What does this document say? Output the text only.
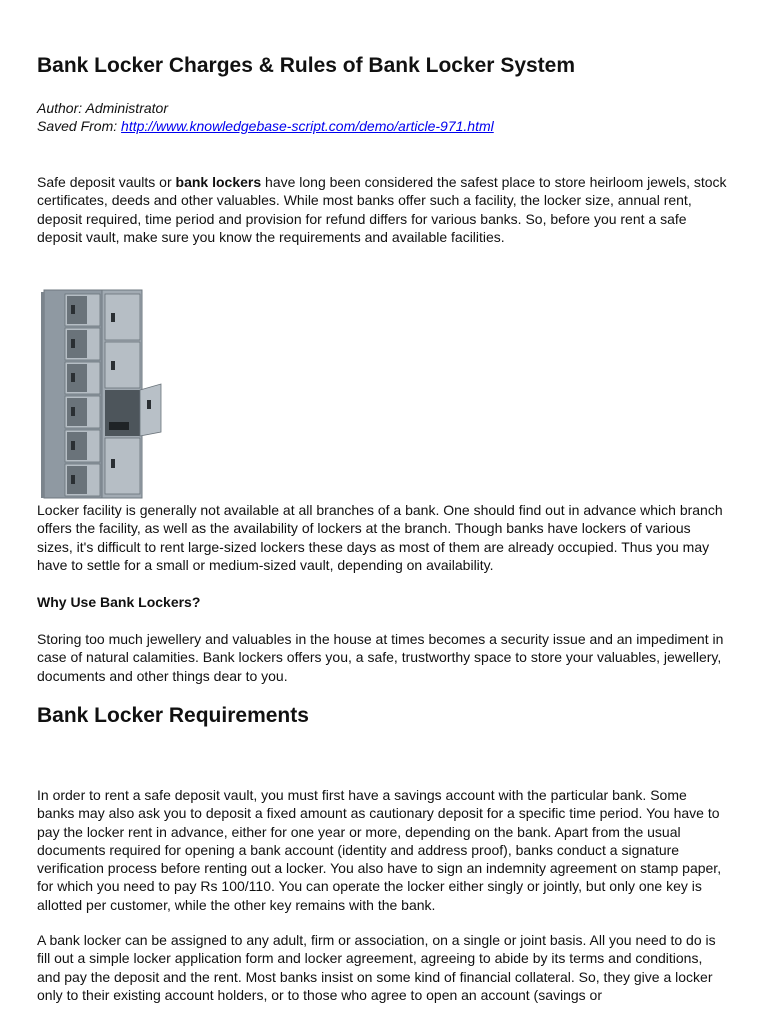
Bank Locker Charges & Rules of Bank Locker System
Author: Administrator
Saved From: http://www.knowledgebase-script.com/demo/article-971.html

Safe deposit vaults or bank lockers have long been considered the safest place to store heirloom jewels, stock certificates, deeds and other valuables. While most banks offer such a facility, the locker size, annual rent, deposit required, time period and provision for refund differs for various banks. So, before you rent a safe deposit vault, make sure you know the requirements and available facilities.

Locker facility is generally not available at all branches of a bank. One should find out in advance which branch offers the facility, as well as the availability of lockers at the branch. Though banks have lockers of various sizes, it's difficult to rent large-sized lockers these days as most of them are already occupied. Thus you may have to settle for a small or medium-sized vault, depending on availability.

Why Use Bank Lockers?

Storing too much jewellery and valuables in the house at times becomes a security issue and an impediment in case of natural calamities. Bank lockers offers you, a safe, trustworthy space to store your valuables, jewellery, documents and other things dear to you.

Bank Locker Requirements

In order to rent a safe deposit vault, you must first have a savings account with the particular bank. Some banks may also ask you to deposit a fixed amount as cautionary deposit for a specific time period. You have to pay the locker rent in advance, either for one year or more, depending on the bank. Apart from the usual documents required for opening a bank account (identity and address proof), banks conduct a signature verification process before renting out a locker. You also have to sign an indemnity agreement on stamp paper, for which you need to pay Rs 100/110. You can operate the locker either singly or jointly, but only one key is allotted per customer, while the other key remains with the bank.

A bank locker can be assigned to any adult, firm or association, on a single or joint basis. All you need to do is fill out a simple locker application form and locker agreement, agreeing to abide by its terms and conditions, and pay the deposit and the rent. Most banks insist on some kind of financial collateral. So, they give a locker only to their existing account holders, or to those who agree to open an account (savings or
